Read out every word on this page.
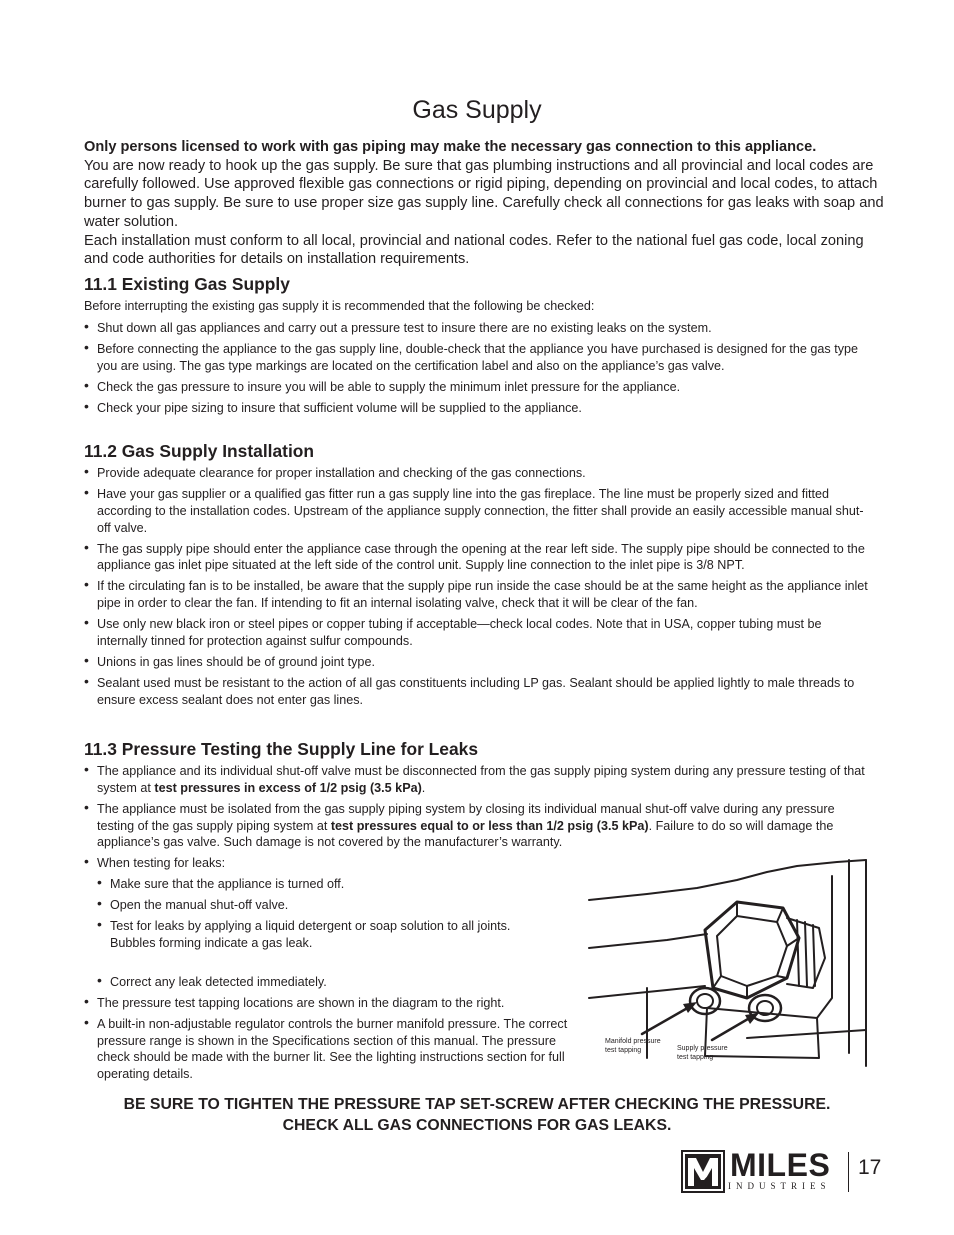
Gas Supply

Only persons licensed to work with gas piping may make the necessary gas connection to this appliance.

You are now ready to hook up the gas supply. Be sure that gas plumbing instructions and all provincial and local codes are carefully followed. Use approved flexible gas connections or rigid piping, depending on provincial and local codes, to attach burner to gas supply. Be sure to use proper size gas supply line. Carefully check all connections for gas leaks with soap and water solution.

Each installation must conform to all local, provincial and national codes. Refer to the national fuel gas code, local zoning and code authorities for details on installation requirements.

11.1 Existing Gas Supply

Before interrupting the existing gas supply it is recommended that the following be checked:

• Shut down all gas appliances and carry out a pressure test to insure there are no existing leaks on the system.
• Before connecting the appliance to the gas supply line, double-check that the appliance you have purchased is designed for the gas type you are using. The gas type markings are located on the certification label and also on the appliance’s gas valve.
• Check the gas pressure to insure you will be able to supply the minimum inlet pressure for the appliance.
• Check your pipe sizing to insure that sufficient volume will be supplied to the appliance.
11.2 Gas Supply Installation
• Provide adequate clearance for proper installation and checking of the gas connections.
• Have your gas supplier or a qualified gas fitter run a gas supply line into the gas fireplace. The line must be properly sized and fitted according to the installation codes. Upstream of the appliance supply connection, the fitter shall provide an easily accessible manual shut-off valve.
• The gas supply pipe should enter the appliance case through the opening at the rear left side. The supply pipe should be connected to the appliance gas inlet pipe situated at the left side of the control unit. Supply line connection to the inlet pipe is 3/8 NPT.
• If the circulating fan is to be installed, be aware that the supply pipe run inside the case should be at the same height as the appliance inlet pipe in order to clear the fan. If intending to fit an internal isolating valve, check that it will be clear of the fan.
• Use only new black iron or steel pipes or copper tubing if acceptable—check local codes. Note that in USA, copper tubing must be internally tinned for protection against sulfur compounds.
• Unions in gas lines should be of ground joint type.
• Sealant used must be resistant to the action of all gas constituents including LP gas. Sealant should be applied lightly to male threads to ensure excess sealant does not enter gas lines.
11.3 Pressure Testing the Supply Line for Leaks
• The appliance and its individual shut-off valve must be disconnected from the gas supply piping system during any pressure testing of that system at test pressures in excess of 1/2 psig (3.5 kPa).
• The appliance must be isolated from the gas supply piping system by closing its individual manual shut-off valve during any pressure testing of the gas supply piping system at test pressures equal to or less than 1/2 psig (3.5 kPa). Failure to do so will damage the appliance’s gas valve. Such damage is not covered by the manufacturer’s warranty.
• When testing for leaks:
• Make sure that the appliance is turned off.
• Open the manual shut-off valve.
• Test for leaks by applying a liquid detergent or soap solution to all joints. Bubbles forming indicate a gas leak.
• Correct any leak detected immediately.
• The pressure test tapping locations are shown in the diagram to the right.
• A built-in non-adjustable regulator controls the burner manifold pressure. The correct pressure range is shown in the Specifications section of this manual. The pressure check should be made with the burner lit. See the lighting instructions section for full operating details.
Manifold pressure
test tapping	Supply pressure
test tapping

BE SURE TO TIGHTEN THE PRESSURE TAP SET-SCREW AFTER CHECKING THE PRESSURE.

CHECK ALL GAS CONNECTIONS FOR GAS LEAKS.

MILES
INDUSTRIES
17
